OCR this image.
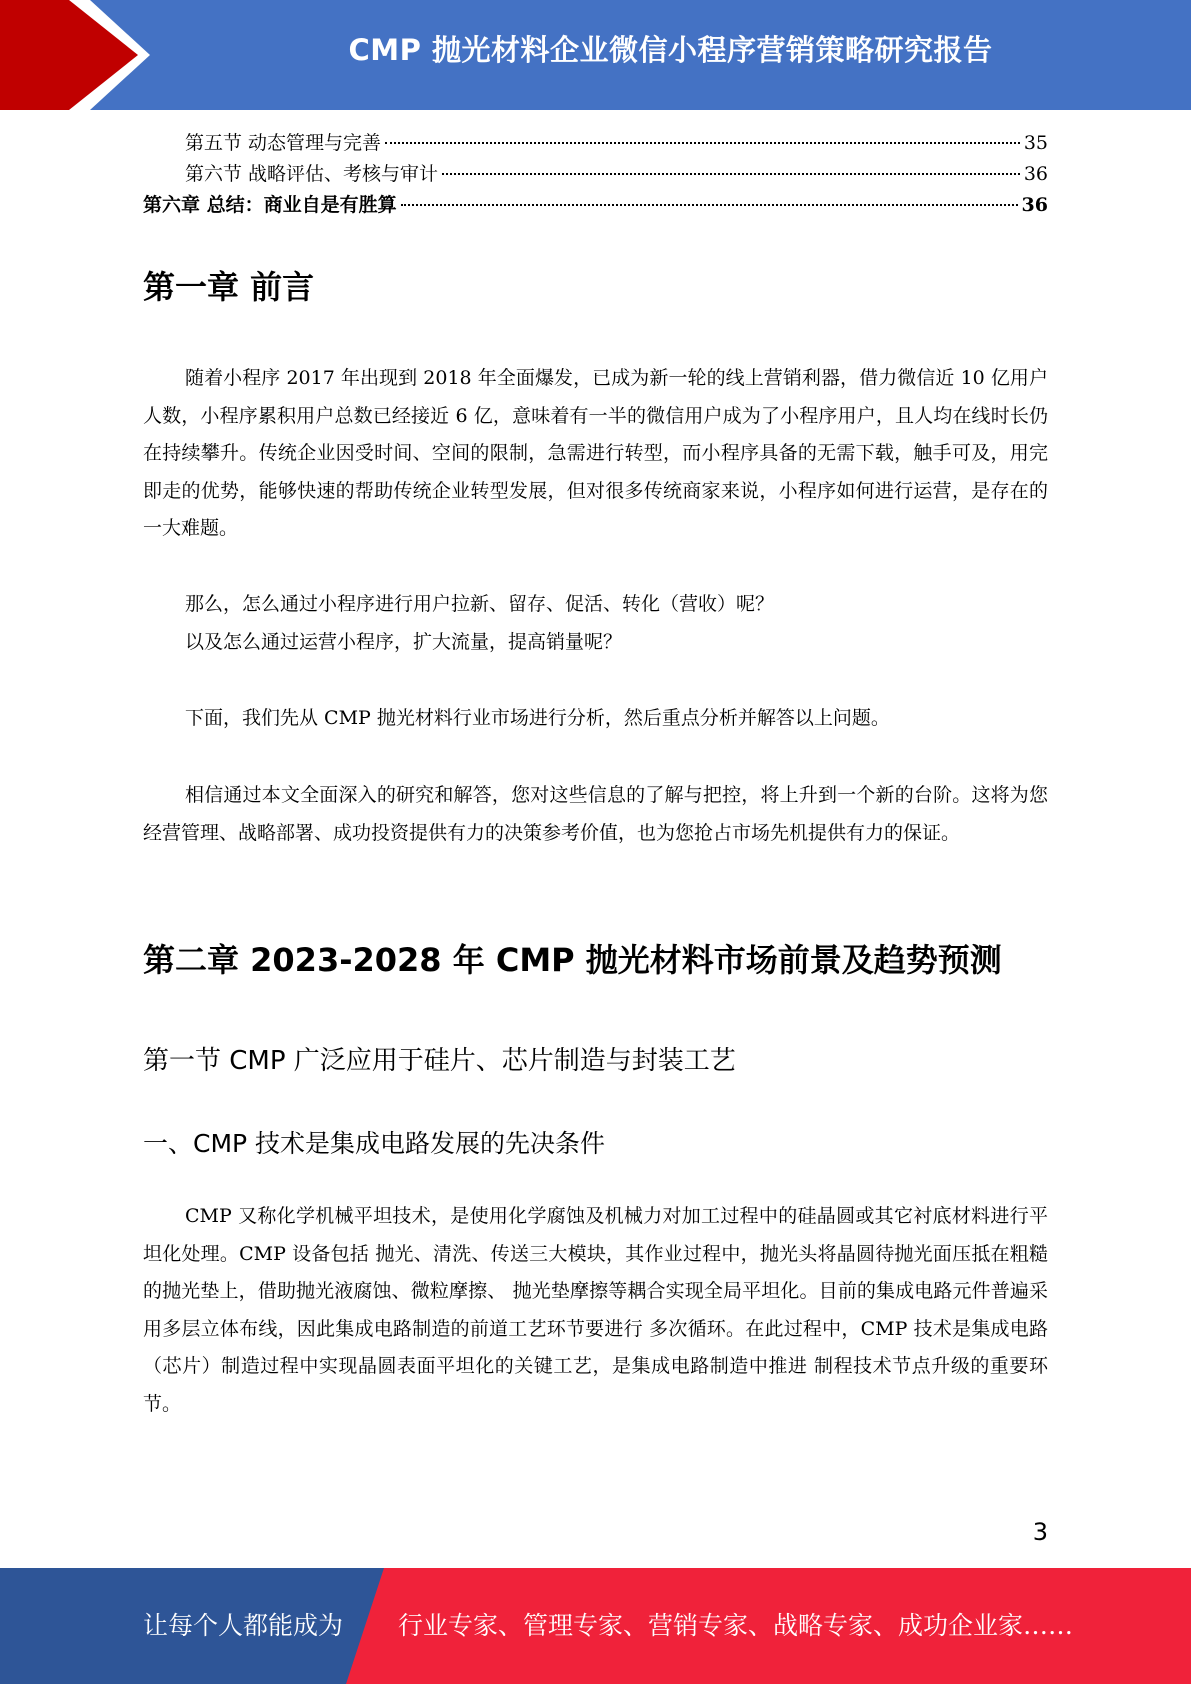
CMP 抛光材料企业微信小程序营销策略研究报告
第五节 动态管理与完善	35
第六节 战略评估、考核与审计	36
第六章 总结：商业自是有胜算	36
第一章 前言

随着小程序 2017 年出现到 2018 年全面爆发，已成为新一轮的线上营销利器，借力微信近 10 亿用户人数，小程序累积用户总数已经接近 6 亿，意味着有一半的微信用户成为了小程序用户，且人均在线时长仍在持续攀升。传统企业因受时间、空间的限制，急需进行转型，而小程序具备的无需下载，触手可及，用完即走的优势，能够快速的帮助传统企业转型发展，但对很多传统商家来说，小程序如何进行运营，是存在的一大难题。

那么，怎么通过小程序进行用户拉新、留存、促活、转化（营收）呢？

以及怎么通过运营小程序，扩大流量，提高销量呢？

下面，我们先从 CMP 抛光材料行业市场进行分析，然后重点分析并解答以上问题。

相信通过本文全面深入的研究和解答，您对这些信息的了解与把控，将上升到一个新的台阶。这将为您经营管理、战略部署、成功投资提供有力的决策参考价值，也为您抢占市场先机提供有力的保证。

第二章 2023-2028 年 CMP 抛光材料市场前景及趋势预测
第一节 CMP 广泛应用于硅片、芯片制造与封装工艺
一、CMP 技术是集成电路发展的先决条件

CMP 又称化学机械平坦技术，是使用化学腐蚀及机械力对加工过程中的硅晶圆或其它衬底材料进行平坦化处理。CMP 设备包括 抛光、清洗、传送三大模块，其作业过程中，抛光头将晶圆待抛光面压抵在粗糙的抛光垫上，借助抛光液腐蚀、微粒摩擦、 抛光垫摩擦等耦合实现全局平坦化。目前的集成电路元件普遍采用多层立体布线，因此集成电路制造的前道工艺环节要进行 多次循环。在此过程中，CMP 技术是集成电路（芯片）制造过程中实现晶圆表面平坦化的关键工艺，是集成电路制造中推进 制程技术节点升级的重要环节。

3
让每个人都能成为 行业专家、管理专家、营销专家、战略专家、成功企业家……
